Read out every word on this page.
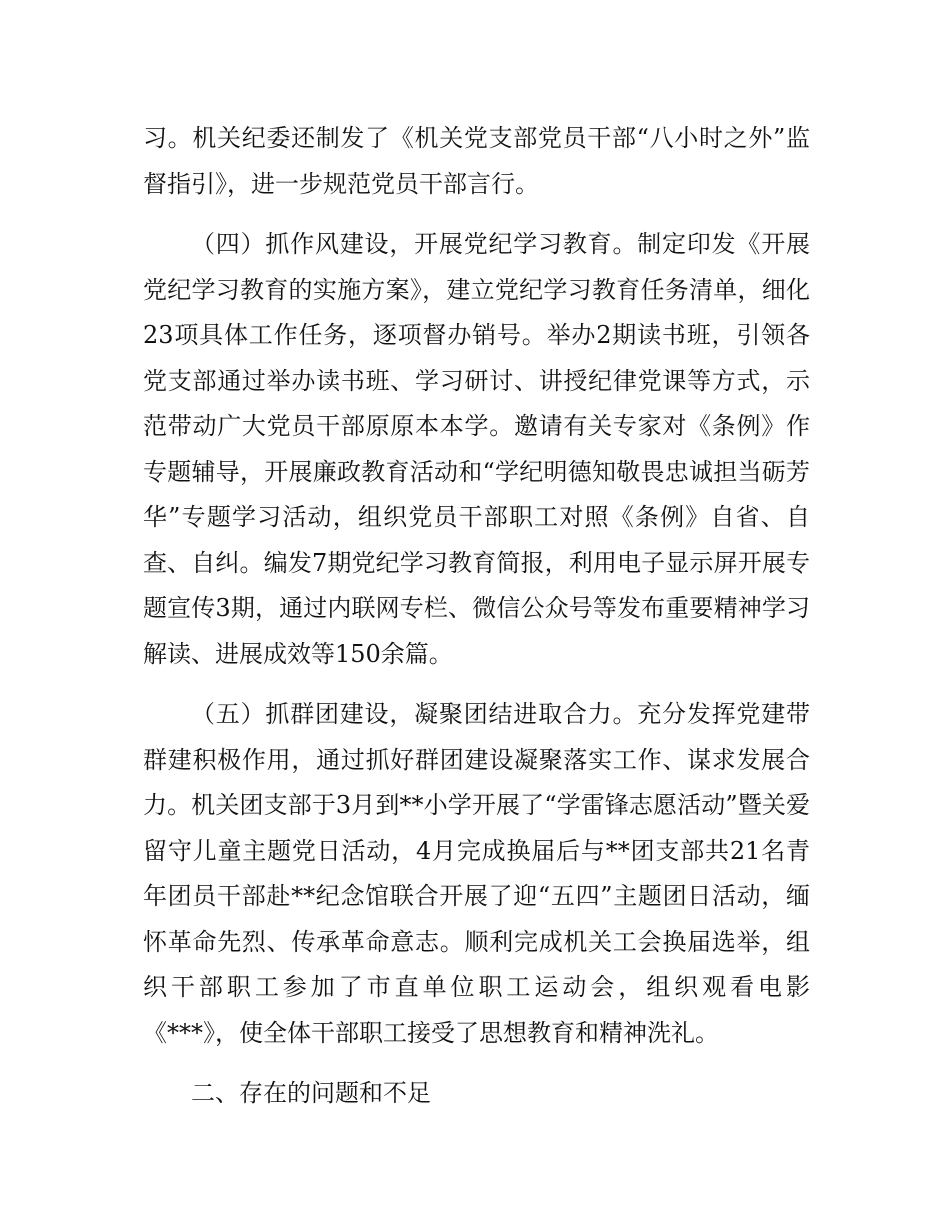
习。机关纪委还制发了《机关党支部党员干部“八小时之外”监督指引》，进一步规范党员干部言行。

（四）抓作风建设，开展党纪学习教育。制定印发《开展党纪学习教育的实施方案》，建立党纪学习教育任务清单，细化23项具体工作任务，逐项督办销号。举办2期读书班，引领各党支部通过举办读书班、学习研讨、讲授纪律党课等方式，示范带动广大党员干部原原本本学。邀请有关专家对《条例》作专题辅导，开展廉政教育活动和“学纪明德知敬畏忠诚担当砺芳华”专题学习活动，组织党员干部职工对照《条例》自省、自查、自纠。编发7期党纪学习教育简报，利用电子显示屏开展专题宣传3期，通过内联网专栏、微信公众号等发布重要精神学习解读、进展成效等150余篇。

（五）抓群团建设，凝聚团结进取合力。充分发挥党建带群建积极作用，通过抓好群团建设凝聚落实工作、谋求发展合力。机关团支部于3月到**小学开展了“学雷锋志愿活动”暨关爱留守儿童主题党日活动，4月完成换届后与**团支部共21名青年团员干部赴**纪念馆联合开展了迎“五四”主题团日活动，缅怀革命先烈、传承革命意志。顺利完成机关工会换届选举，组织干部职工参加了市直单位职工运动会，组织观看电影《***》，使全体干部职工接受了思想教育和精神洗礼。

二、存在的问题和不足
